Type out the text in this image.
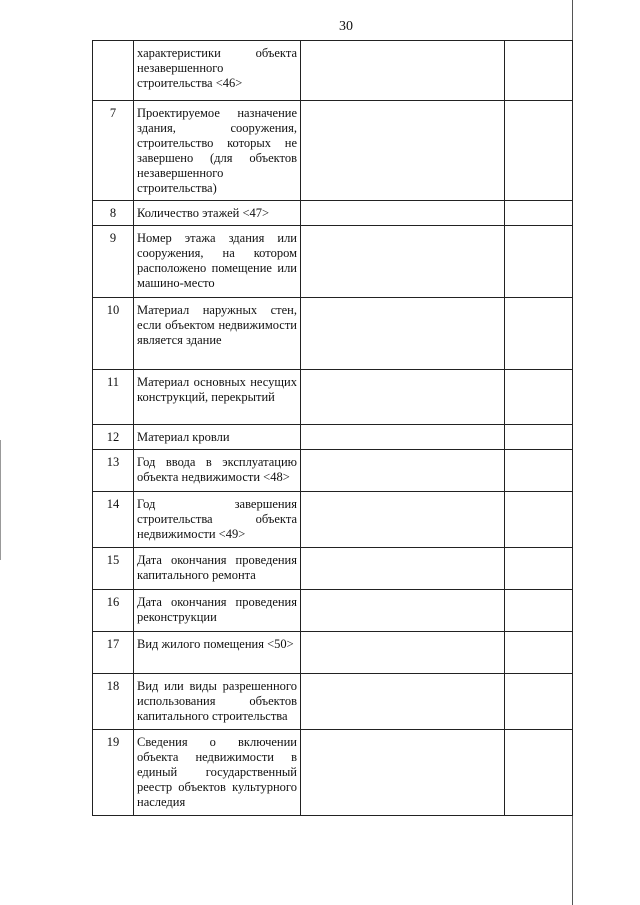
30
	характеристики объекта незавершенного строительства <46>		
7	Проектируемое назначение здания, сооружения, строительство которых не завершено (для объектов незавершенного строительства)		
8	Количество этажей <47>		
9	Номер этажа здания или сооружения, на котором расположено помещение или машино-место		
10	Материал наружных стен, если объектом недвижимости является здание		
11	Материал основных несущих конструкций, перекрытий		
12	Материал кровли		
13	Год ввода в эксплуатацию объекта недвижимости <48>		
14	Год завершения строительства объекта недвижимости <49>		
15	Дата окончания проведения капитального ремонта		
16	Дата окончания проведения реконструкции		
17	Вид жилого помещения <50>		
18	Вид или виды разрешенного использования объектов капитального строительства		
19	Сведения о включении объекта недвижимости в единый государственный реестр объектов культурного наследия		
